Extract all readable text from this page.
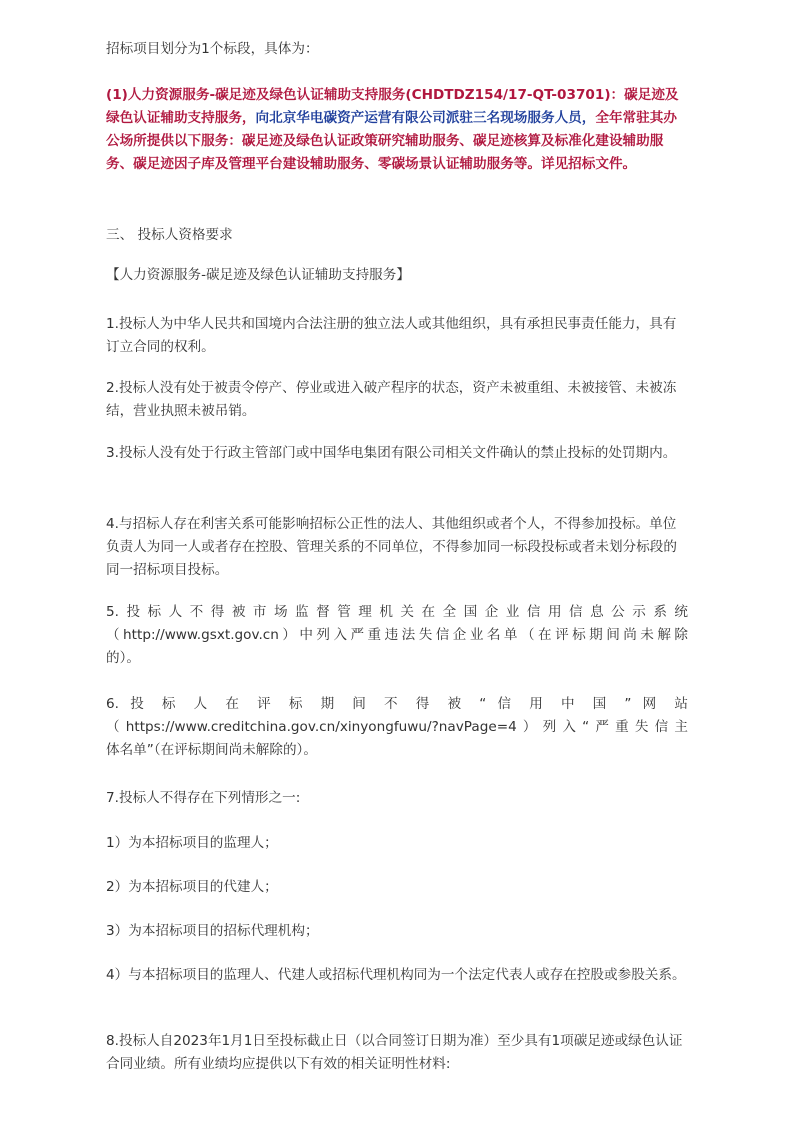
招标项目划分为1个标段，具体为：

(1)人力资源服务-碳足迹及绿色认证辅助支持服务(CHDTDZ154/17-QT-03701)：碳足迹及绿色认证辅助支持服务，向北京华电碳资产运营有限公司派驻三名现场服务人员，全年常驻其办公场所提供以下服务：碳足迹及绿色认证政策研究辅助服务、碳足迹核算及标准化建设辅助服务、碳足迹因子库及管理平台建设辅助服务、零碳场景认证辅助服务等。详见招标文件。

三、 投标人资格要求

【人力资源服务-碳足迹及绿色认证辅助支持服务】

1.投标人为中华人民共和国境内合法注册的独立法人或其他组织，具有承担民事责任能力，具有订立合同的权利。

2.投标人没有处于被责令停产、停业或进入破产程序的状态，资产未被重组、未被接管、未被冻结，营业执照未被吊销。

3.投标人没有处于行政主管部门或中国华电集团有限公司相关文件确认的禁止投标的处罚期内。

4.与招标人存在利害关系可能影响招标公正性的法人、其他组织或者个人，不得参加投标。单位负责人为同一人或者存在控股、管理关系的不同单位，不得参加同一标段投标或者未划分标段的同一招标项目投标。

5.投标人不得被市场监督管理机关在全国企业信用信息公示系统
（http://www.gsxt.gov.cn）中列入严重违法失信企业名单（在评标期间尚未解除
的）。
6. 投 标 人 在 评 标 期 间 不 得 被 “ 信 用 中 国 ” 网 站
（https://www.creditchina.gov.cn/xinyongfuwu/?navPage=4）列入“严重失信主
体名单”（在评标期间尚未解除的）。

7.投标人不得存在下列情形之一:

1）为本招标项目的监理人；

2）为本招标项目的代建人；

3）为本招标项目的招标代理机构；

4）与本招标项目的监理人、代建人或招标代理机构同为一个法定代表人或存在控股或参股关系。

8.投标人自2023年1月1日至投标截止日（以合同签订日期为准）至少具有1项碳足迹或绿色认证合同业绩。所有业绩均应提供以下有效的相关证明性材料:
